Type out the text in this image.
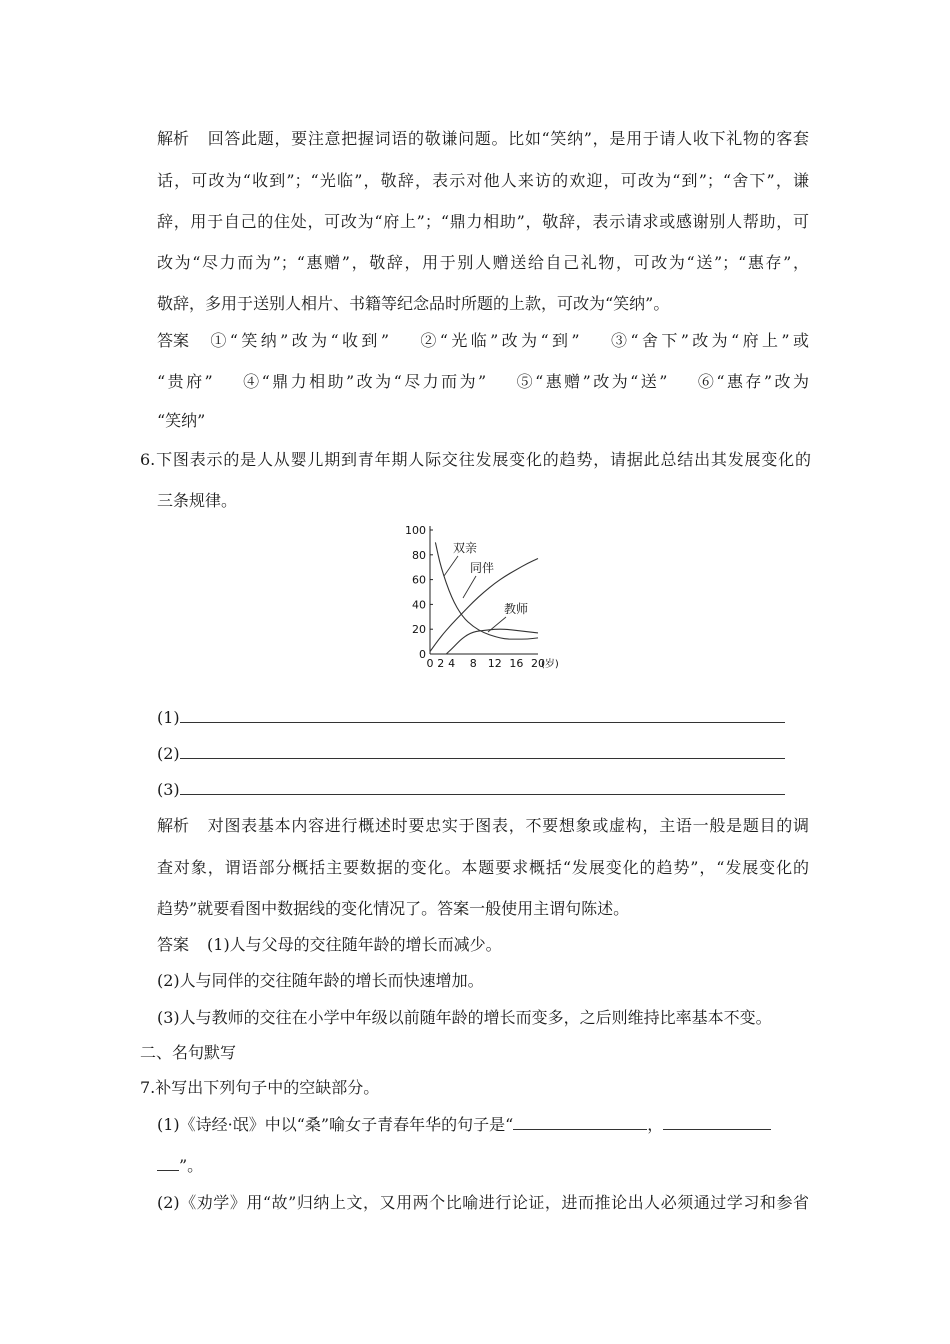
解析 回答此题，要注意把握词语的敬谦问题。比如“笑纳”，是用于请人收下礼物的客套
话，可改为“收到”；“光临”，敬辞，表示对他人来访的欢迎，可改为“到”；“舍下”，谦
辞，用于自己的住处，可改为“府上”；“鼎力相助”，敬辞，表示请求或感谢别人帮助，可
改为“尽力而为”；“惠赠”，敬辞，用于别人赠送给自己礼物，可改为“送”；“惠存”，
敬辞，多用于送别人相片、书籍等纪念品时所题的上款，可改为“笑纳”。
答案 ①“笑纳”改为“收到” ②“光临”改为“到” ③“舍下”改为“府上”或
“贵府” ④“鼎力相助”改为“尽力而为” ⑤“惠赠”改为“送” ⑥“惠存”改为
“笑纳”
6.下图表示的是人从婴儿期到青年期人际交往发展变化的趋势，请据此总结出其发展变化的
三条规律。
0
20
40
60
80
100
0 2 4 8 12 16 20
(岁)
双亲
同伴
教师
(1)
(2)
(3)
解析 对图表基本内容进行概述时要忠实于图表，不要想象或虚构，主语一般是题目的调
查对象，谓语部分概括主要数据的变化。本题要求概括“发展变化的趋势”，“发展变化的
趋势”就要看图中数据线的变化情况了。答案一般使用主谓句陈述。
答案 (1)人与父母的交往随年龄的增长而减少。
(2)人与同伴的交往随年龄的增长而快速增加。
(3)人与教师的交往在小学中年级以前随年龄的增长而变多，之后则维持比率基本不变。
二、名句默写
7.补写出下列句子中的空缺部分。
(1)《诗经·氓》中以“桑”喻女子青春年华的句子是“	，
”。
(2)《劝学》用“故”归纳上文，又用两个比喻进行论证，进而推论出人必须通过学习和参省
